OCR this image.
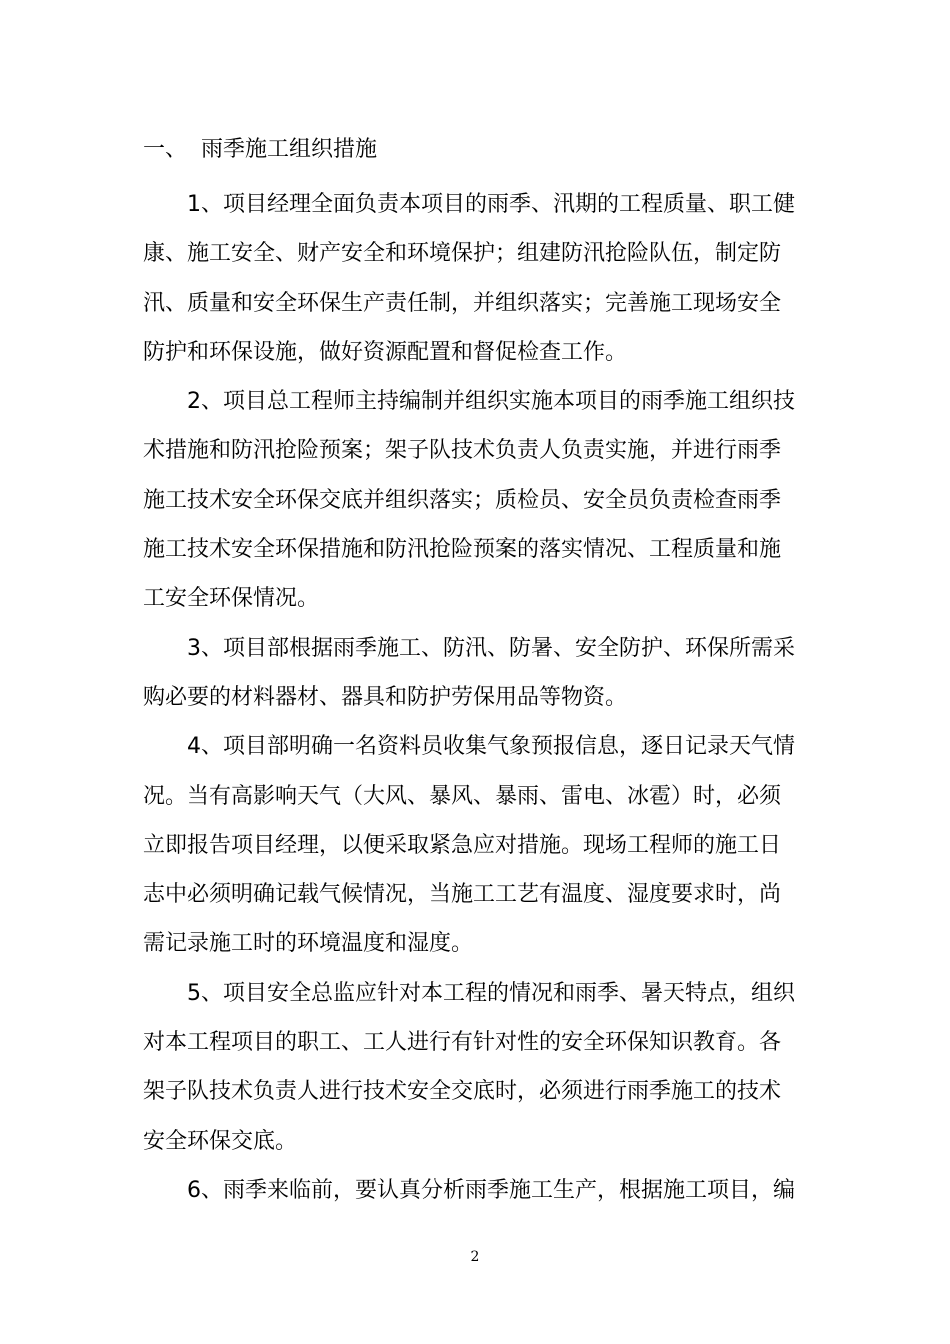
一、 雨季施工组织措施
1、项目经理全面负责本项目的雨季、汛期的工程质量、职工健
康、施工安全、财产安全和环境保护；组建防汛抢险队伍，制定防
汛、质量和安全环保生产责任制，并组织落实；完善施工现场安全
防护和环保设施，做好资源配置和督促检查工作。
2、项目总工程师主持编制并组织实施本项目的雨季施工组织技
术措施和防汛抢险预案；架子队技术负责人负责实施，并进行雨季
施工技术安全环保交底并组织落实；质检员、安全员负责检查雨季
施工技术安全环保措施和防汛抢险预案的落实情况、工程质量和施
工安全环保情况。
3、项目部根据雨季施工、防汛、防暑、安全防护、环保所需采
购必要的材料器材、器具和防护劳保用品等物资。
4、项目部明确一名资料员收集气象预报信息，逐日记录天气情
况。当有高影响天气（大风、暴风、暴雨、雷电、冰雹）时，必须
立即报告项目经理，以便采取紧急应对措施。现场工程师的施工日
志中必须明确记载气候情况，当施工工艺有温度、湿度要求时，尚
需记录施工时的环境温度和湿度。
5、项目安全总监应针对本工程的情况和雨季、暑天特点，组织
对本工程项目的职工、工人进行有针对性的安全环保知识教育。各
架子队技术负责人进行技术安全交底时，必须进行雨季施工的技术
安全环保交底。
6、雨季来临前，要认真分析雨季施工生产，根据施工项目，编
2
